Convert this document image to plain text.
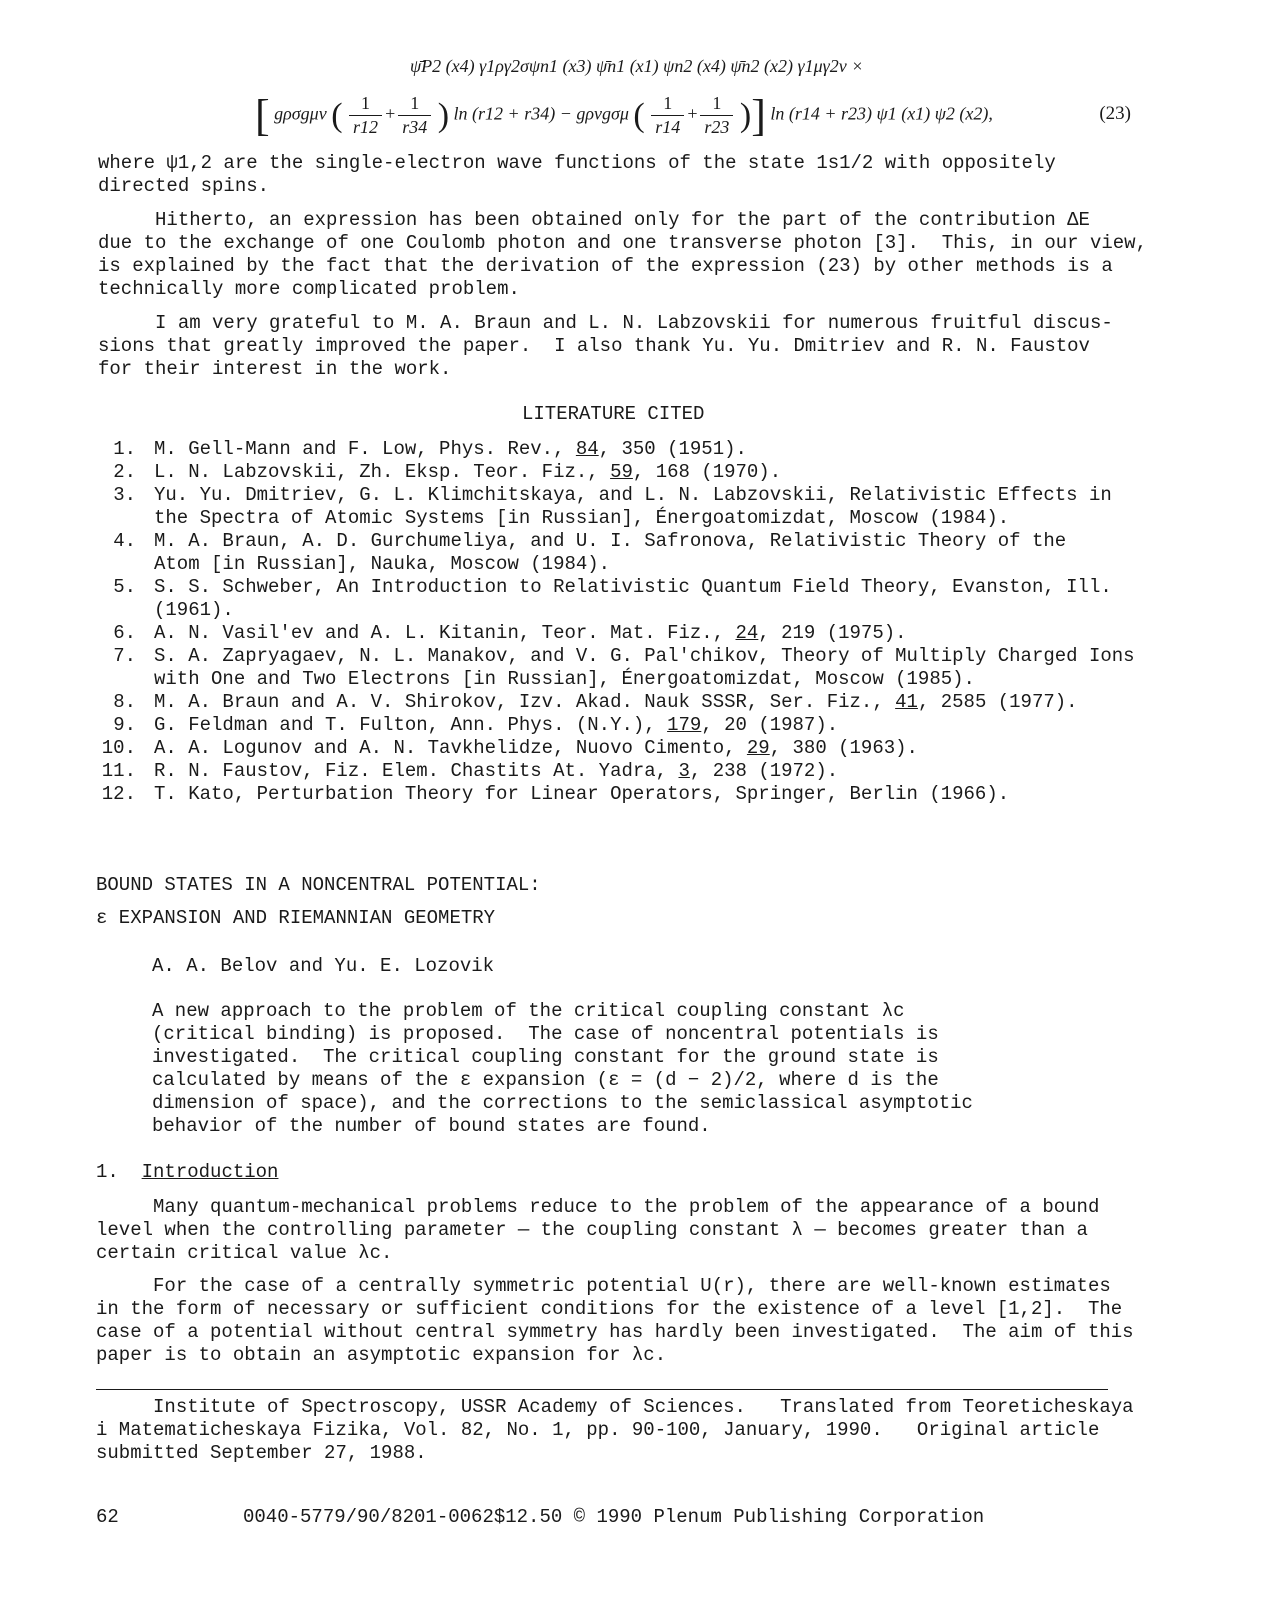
ψ̄P2 (x4) γ1ργ2σψn1 (x3) ψ̄n1 (x1) ψn2 (x4) ψ̄n2 (x2) γ1μγ2ν ×
[ gρσgμν ( $\frac{1}{r12} + \frac{1}{r34}$ ) ln (r12 + r34) − gρνgσμ ( $\frac{1}{r14} + \frac{1}{r23}$ )] ln (r14 + r23) ψ1 (x1) ψ2 (x2),	(23)
where ψ1,2 are the single-electron wave functions of the state 1s1/2 with oppositely
directed spins.
Hitherto, an expression has been obtained only for the part of the contribution ΔE
due to the exchange of one Coulomb photon and one transverse photon [3].  This, in our view,
is explained by the fact that the derivation of the expression (23) by other methods is a
technically more complicated problem.
I am very grateful to M. A. Braun and L. N. Labzovskii for numerous fruitful discus-
sions that greatly improved the paper.  I also thank Yu. Yu. Dmitriev and R. N. Faustov
for their interest in the work.
LITERATURE CITED
1. M. Gell-Mann and F. Low, Phys. Rev., 84, 350 (1951).
2. L. N. Labzovskii, Zh. Eksp. Teor. Fiz., 59, 168 (1970).
3. Yu. Yu. Dmitriev, G. L. Klimchitskaya, and L. N. Labzovskii, Relativistic Effects in
the Spectra of Atomic Systems [in Russian], Énergoatomizdat, Moscow (1984).
4. M. A. Braun, A. D. Gurchumeliya, and U. I. Safronova, Relativistic Theory of the
Atom [in Russian], Nauka, Moscow (1984).
5. S. S. Schweber, An Introduction to Relativistic Quantum Field Theory, Evanston, Ill.
(1961).
6. A. N. Vasil'ev and A. L. Kitanin, Teor. Mat. Fiz., 24, 219 (1975).
7. S. A. Zapryagaev, N. L. Manakov, and V. G. Pal'chikov, Theory of Multiply Charged Ions
with One and Two Electrons [in Russian], Énergoatomizdat, Moscow (1985).
8. M. A. Braun and A. V. Shirokov, Izv. Akad. Nauk SSSR, Ser. Fiz., 41, 2585 (1977).
9. G. Feldman and T. Fulton, Ann. Phys. (N.Y.), 179, 20 (1987).
10. A. A. Logunov and A. N. Tavkhelidze, Nuovo Cimento, 29, 380 (1963).
11. R. N. Faustov, Fiz. Elem. Chastits At. Yadra, 3, 238 (1972).
12. T. Kato, Perturbation Theory for Linear Operators, Springer, Berlin (1966).
BOUND STATES IN A NONCENTRAL POTENTIAL:
ε EXPANSION AND RIEMANNIAN GEOMETRY
A. A. Belov and Yu. E. Lozovik
A new approach to the problem of the critical coupling constant λc
(critical binding) is proposed.  The case of noncentral potentials is
investigated.  The critical coupling constant for the ground state is
calculated by means of the ε expansion (ε = (d − 2)/2, where d is the
dimension of space), and the corrections to the semiclassical asymptotic
behavior of the number of bound states are found.
1. Introduction
Many quantum-mechanical problems reduce to the problem of the appearance of a bound
level when the controlling parameter — the coupling constant λ — becomes greater than a
certain critical value λc.
For the case of a centrally symmetric potential U(r), there are well-known estimates
in the form of necessary or sufficient conditions for the existence of a level [1,2].  The
case of a potential without central symmetry has hardly been investigated.  The aim of this
paper is to obtain an asymptotic expansion for λc.
Institute of Spectroscopy, USSR Academy of Sciences.   Translated from Teoreticheskaya
i Matematicheskaya Fizika, Vol. 82, No. 1, pp. 90-100, January, 1990.   Original article
submitted September 27, 1988.
62	0040-5779/90/8201-0062$12.50 © 1990 Plenum Publishing Corporation
